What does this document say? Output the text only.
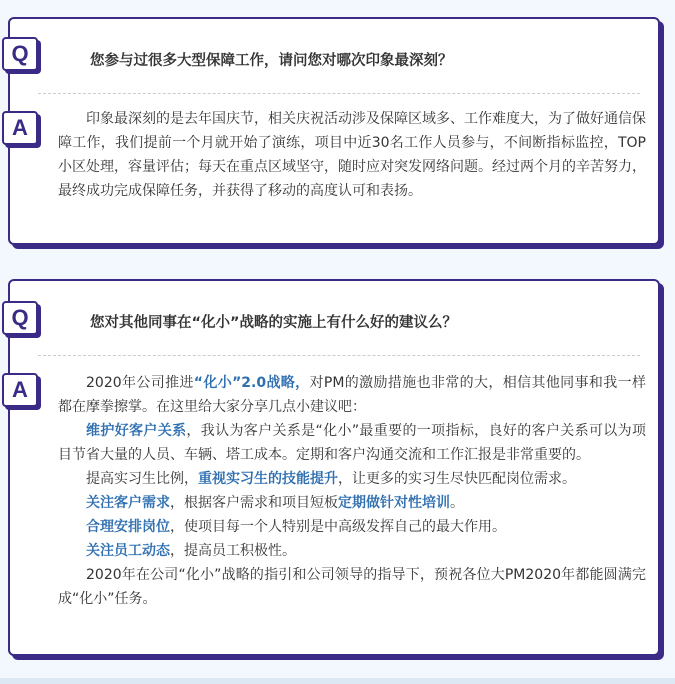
Q	您参与过很多大型保障工作，请问您对哪次印象最深刻？
A	印象最深刻的是去年国庆节，相关庆祝活动涉及保障区域多、工作难度大，为了做好通信保障工作，我们提前一个月就开始了演练，项目中近30名工作人员参与，不间断指标监控，TOP小区处理，容量评估；每天在重点区域坚守，随时应对突发网络问题。经过两个月的辛苦努力，最终成功完成保障任务，并获得了移动的高度认可和表扬。

Q	您对其他同事在“化小”战略的实施上有什么好的建议么？
A	2020年公司推进“化小”2.0战略，对PM的激励措施也非常的大，相信其他同事和我一样都在摩拳擦掌。在这里给大家分享几点小建议吧：

维护好客户关系，我认为客户关系是“化小”最重要的一项指标，良好的客户关系可以为项目节省大量的人员、车辆、塔工成本。定期和客户沟通交流和工作汇报是非常重要的。

提高实习生比例，重视实习生的技能提升，让更多的实习生尽快匹配岗位需求。

关注客户需求，根据客户需求和项目短板定期做针对性培训。

合理安排岗位，使项目每一个人特别是中高级发挥自己的最大作用。

关注员工动态，提高员工积极性。

2020年在公司“化小”战略的指引和公司领导的指导下，预祝各位大PM2020年都能圆满完成“化小”任务。
